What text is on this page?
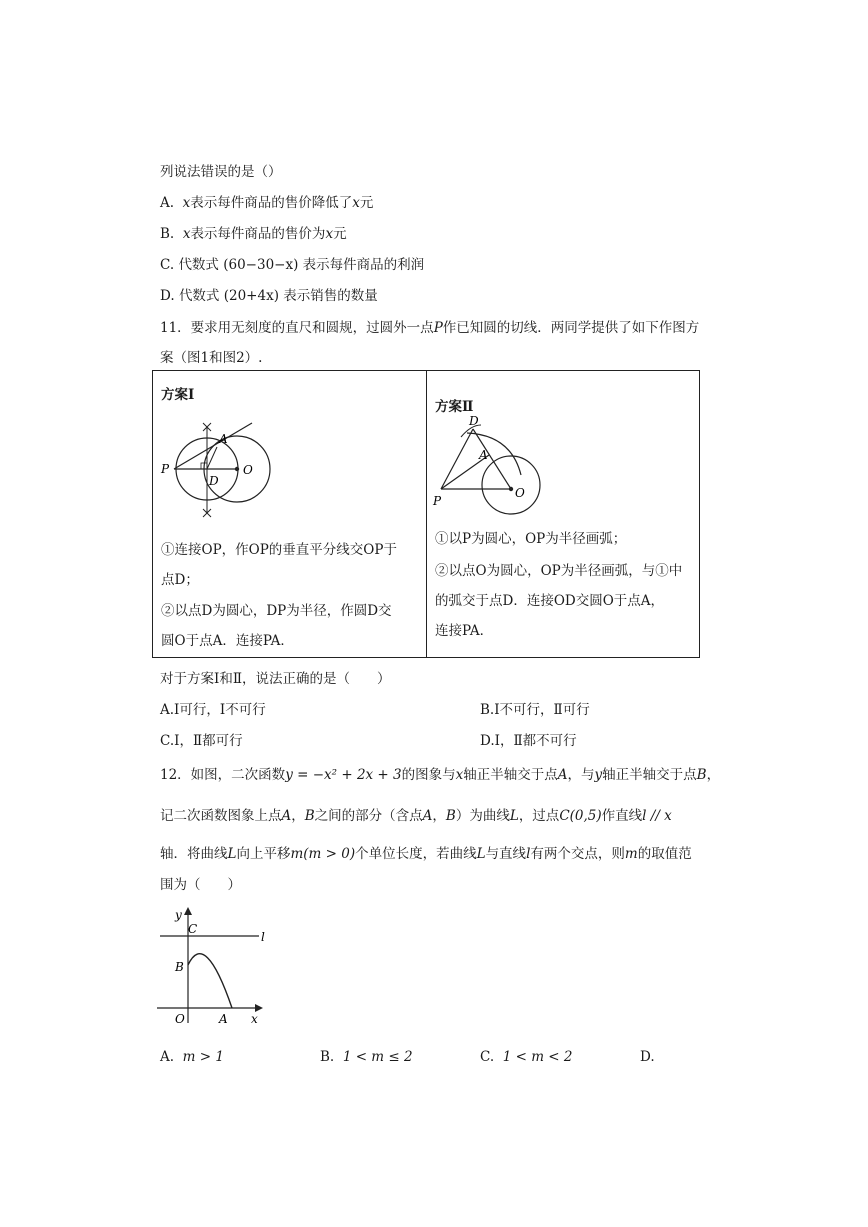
列说法错误的是（）
A. x表示每件商品的售价降低了x元
B. x表示每件商品的售价为x元
C. 代数式 (60−30−x) 表示每件商品的利润
D. 代数式 (20+4x) 表示销售的数量
11．要求用无刻度的直尺和圆规，过圆外一点P作已知圆的切线．两同学提供了如下作图方
案（图1和图2）.
方案Ⅰ
A
P
D
O
①连接OP，作OP的垂直平分线交OP于
点D；
②以点D为圆心，DP为半径，作圆D交
圆O于点A．连接PA．
方案Ⅱ
D
A
P
O
①以P为圆心，OP为半径画弧；
②以点O为圆心，OP为半径画弧，与①中
的弧交于点D．连接OD交圆O于点A，
连接PA．
对于方案Ⅰ和Ⅱ，说法正确的是（　　）
A.Ⅰ可行，Ⅰ不可行	B.Ⅰ不可行，Ⅱ可行
C.Ⅰ，Ⅱ都可行	D.Ⅰ，Ⅱ都不可行
12．如图，二次函数y = −x² + 2x + 3的图象与x轴正半轴交于点A，与y轴正半轴交于点B，
记二次函数图象上点A，B之间的部分（含点A，B）为曲线L，过点C(0,5)作直线l // x
轴．将曲线L向上平移m(m > 0)个单位长度，若曲线L与直线l有两个交点，则m的取值范
围为（　　）
y
C
l
B
O	A x
A. m > 1	B. 1 < m ≤ 2	C. 1 < m < 2	D.
